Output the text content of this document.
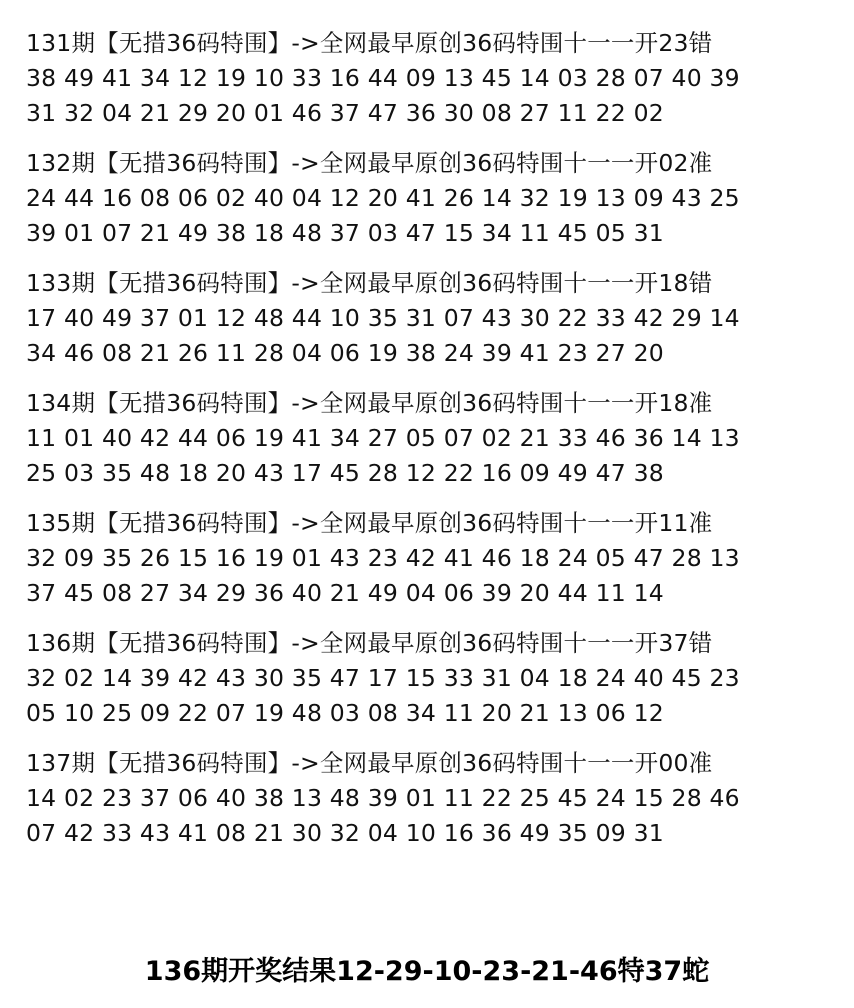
131期【无措36码特围】->全网最早原创36码特围十一一开23错

38 49 41 34 12 19 10 33 16 44 09 13 45 14 03 28 07 40 39

31 32 04 21 29 20 01 46 37 47 36 30 08 27 11 22 02

132期【无措36码特围】->全网最早原创36码特围十一一开02准

24 44 16 08 06 02 40 04 12 20 41 26 14 32 19 13 09 43 25

39 01 07 21 49 38 18 48 37 03 47 15 34 11 45 05 31

133期【无措36码特围】->全网最早原创36码特围十一一开18错

17 40 49 37 01 12 48 44 10 35 31 07 43 30 22 33 42 29 14

34 46 08 21 26 11 28 04 06 19 38 24 39 41 23 27 20

134期【无措36码特围】->全网最早原创36码特围十一一开18准

11 01 40 42 44 06 19 41 34 27 05 07 02 21 33 46 36 14 13

25 03 35 48 18 20 43 17 45 28 12 22 16 09 49 47 38

135期【无措36码特围】->全网最早原创36码特围十一一开11准

32 09 35 26 15 16 19 01 43 23 42 41 46 18 24 05 47 28 13

37 45 08 27 34 29 36 40 21 49 04 06 39 20 44 11 14

136期【无措36码特围】->全网最早原创36码特围十一一开37错

32 02 14 39 42 43 30 35 47 17 15 33 31 04 18 24 40 45 23

05 10 25 09 22 07 19 48 03 08 34 11 20 21 13 06 12

137期【无措36码特围】->全网最早原创36码特围十一一开00准

14 02 23 37 06 40 38 13 48 39 01 11 22 25 45 24 15 28 46

07 42 33 43 41 08 21 30 32 04 10 16 36 49 35 09 31

136期开奖结果12-29-10-23-21-46特37蛇
